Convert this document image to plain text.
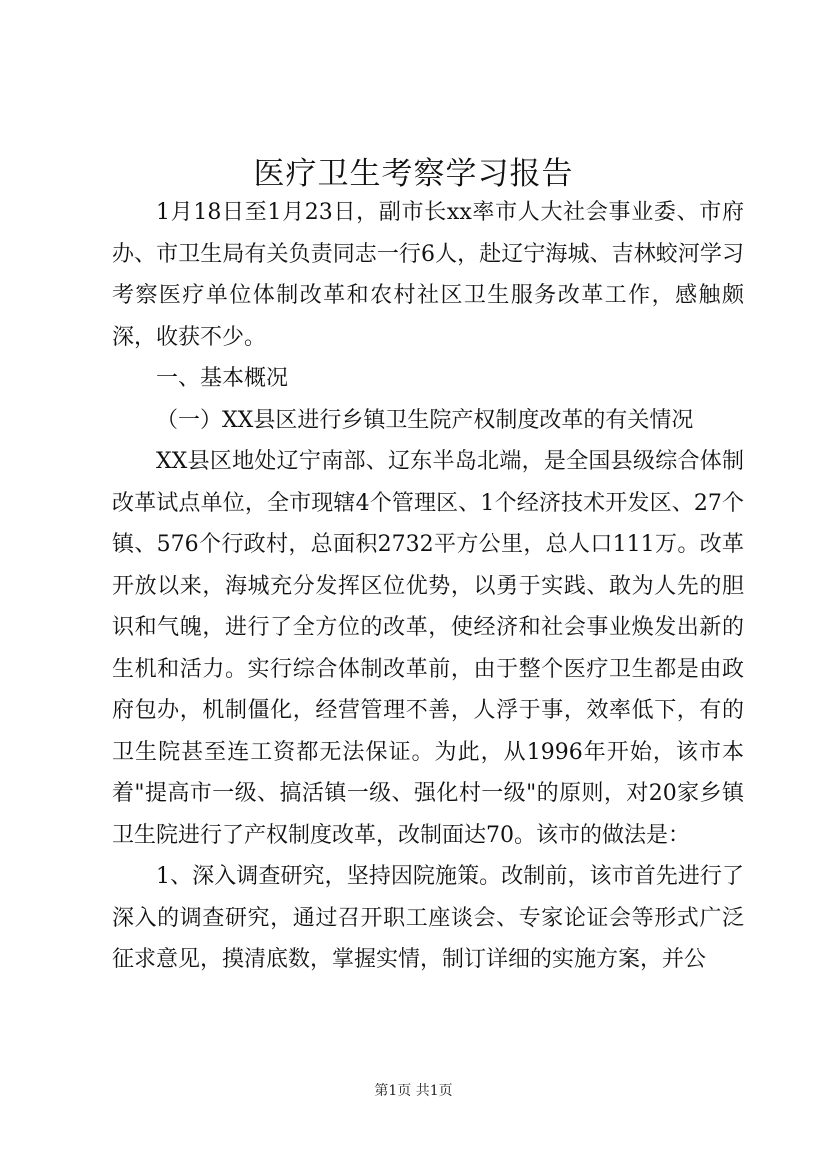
医疗卫生考察学习报告

1月18日至1月23日，副市长xx率市人大社会事业委、市府办、市卫生局有关负责同志一行6人，赴辽宁海城、吉林蛟河学习考察医疗单位体制改革和农村社区卫生服务改革工作，感触颇深，收获不少。

一、基本概况

（一）XX县区进行乡镇卫生院产权制度改革的有关情况

XX县区地处辽宁南部、辽东半岛北端，是全国县级综合体制改革试点单位，全市现辖4个管理区、1个经济技术开发区、27个镇、576个行政村，总面积2732平方公里，总人口111万。改革开放以来，海城充分发挥区位优势，以勇于实践、敢为人先的胆识和气魄，进行了全方位的改革，使经济和社会事业焕发出新的生机和活力。实行综合体制改革前，由于整个医疗卫生都是由政府包办，机制僵化，经营管理不善，人浮于事，效率低下，有的卫生院甚至连工资都无法保证。为此，从1996年开始，该市本着"提高市一级、搞活镇一级、强化村一级"的原则，对20家乡镇卫生院进行了产权制度改革，改制面达70。该市的做法是：

1、深入调查研究，坚持因院施策。改制前，该市首先进行了深入的调查研究，通过召开职工座谈会、专家论证会等形式广泛征求意见，摸清底数，掌握实情，制订详细的实施方案，并公

第1页 共1页
